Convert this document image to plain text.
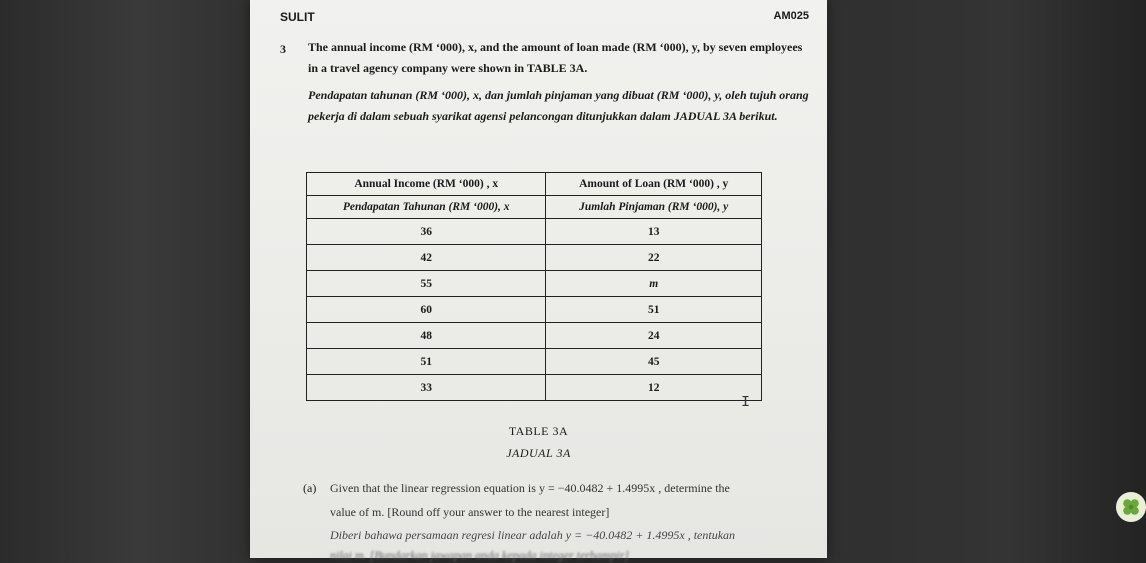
SULIT	AM025
3 The annual income (RM ‘000), x, and the amount of loan made (RM ‘000), y, by seven employees in a travel agency company were shown in TABLE 3A.
Pendapatan tahunan (RM ‘000), x, dan jumlah pinjaman yang dibuat (RM ‘000), y, oleh tujuh orang pekerja di dalam sebuah syarikat agensi pelancongan ditunjukkan dalam JADUAL 3A berikut.
Annual Income (RM ‘000) , x	Amount of Loan (RM ‘000) , y
Pendapatan Tahunan (RM ‘000), x	Jumlah Pinjaman (RM ‘000), y
36	13
42	22
55	m
60	51
48	24
51	45
33	12
I
TABLE 3A
JADUAL 3A
(a) Given that the linear regression equation is y = −40.0482 + 1.4995x , determine the
value of m. [Round off your answer to the nearest integer]
Diberi bahawa persamaan regresi linear adalah y = −40.0482 + 1.4995x , tentukan
nilai m. [Bundarkan jawapan anda kepada integer terhampir]
